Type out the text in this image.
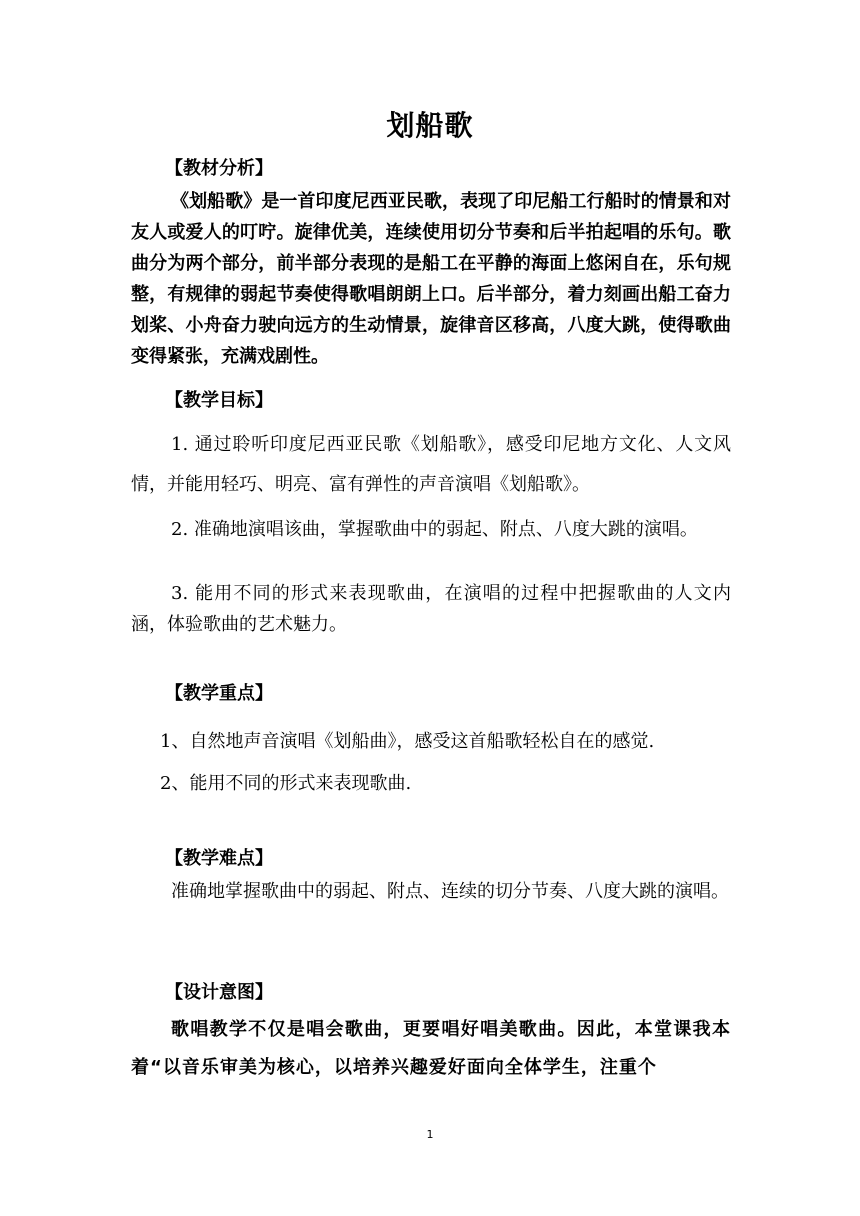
划船歌
【教材分析】

《划船歌》是一首印度尼西亚民歌，表现了印尼船工行船时的情景和对友人或爱人的叮咛。旋律优美，连续使用切分节奏和后半拍起唱的乐句。歌曲分为两个部分，前半部分表现的是船工在平静的海面上悠闲自在，乐句规整，有规律的弱起节奏使得歌唱朗朗上口。后半部分，着力刻画出船工奋力划桨、小舟奋力驶向远方的生动情景，旋律音区移高，八度大跳，使得歌曲变得紧张，充满戏剧性。

【教学目标】

1. 通过聆听印度尼西亚民歌《划船歌》，感受印尼地方文化、人文风情，并能用轻巧、明亮、富有弹性的声音演唱《划船歌》。

2. 准确地演唱该曲，掌握歌曲中的弱起、附点、八度大跳的演唱。

3. 能用不同的形式来表现歌曲，在演唱的过程中把握歌曲的人文内涵，体验歌曲的艺术魅力。

【教学重点】
1、自然地声音演唱《划船曲》，感受这首船歌轻松自在的感觉.
2、能用不同的形式来表现歌曲.
【教学难点】

准确地掌握歌曲中的弱起、附点、连续的切分节奏、八度大跳的演唱。

【设计意图】

歌唱教学不仅是唱会歌曲，更要唱好唱美歌曲。因此，本堂课我本着“以音乐审美为核心，以培养兴趣爱好面向全体学生，注重个

1
